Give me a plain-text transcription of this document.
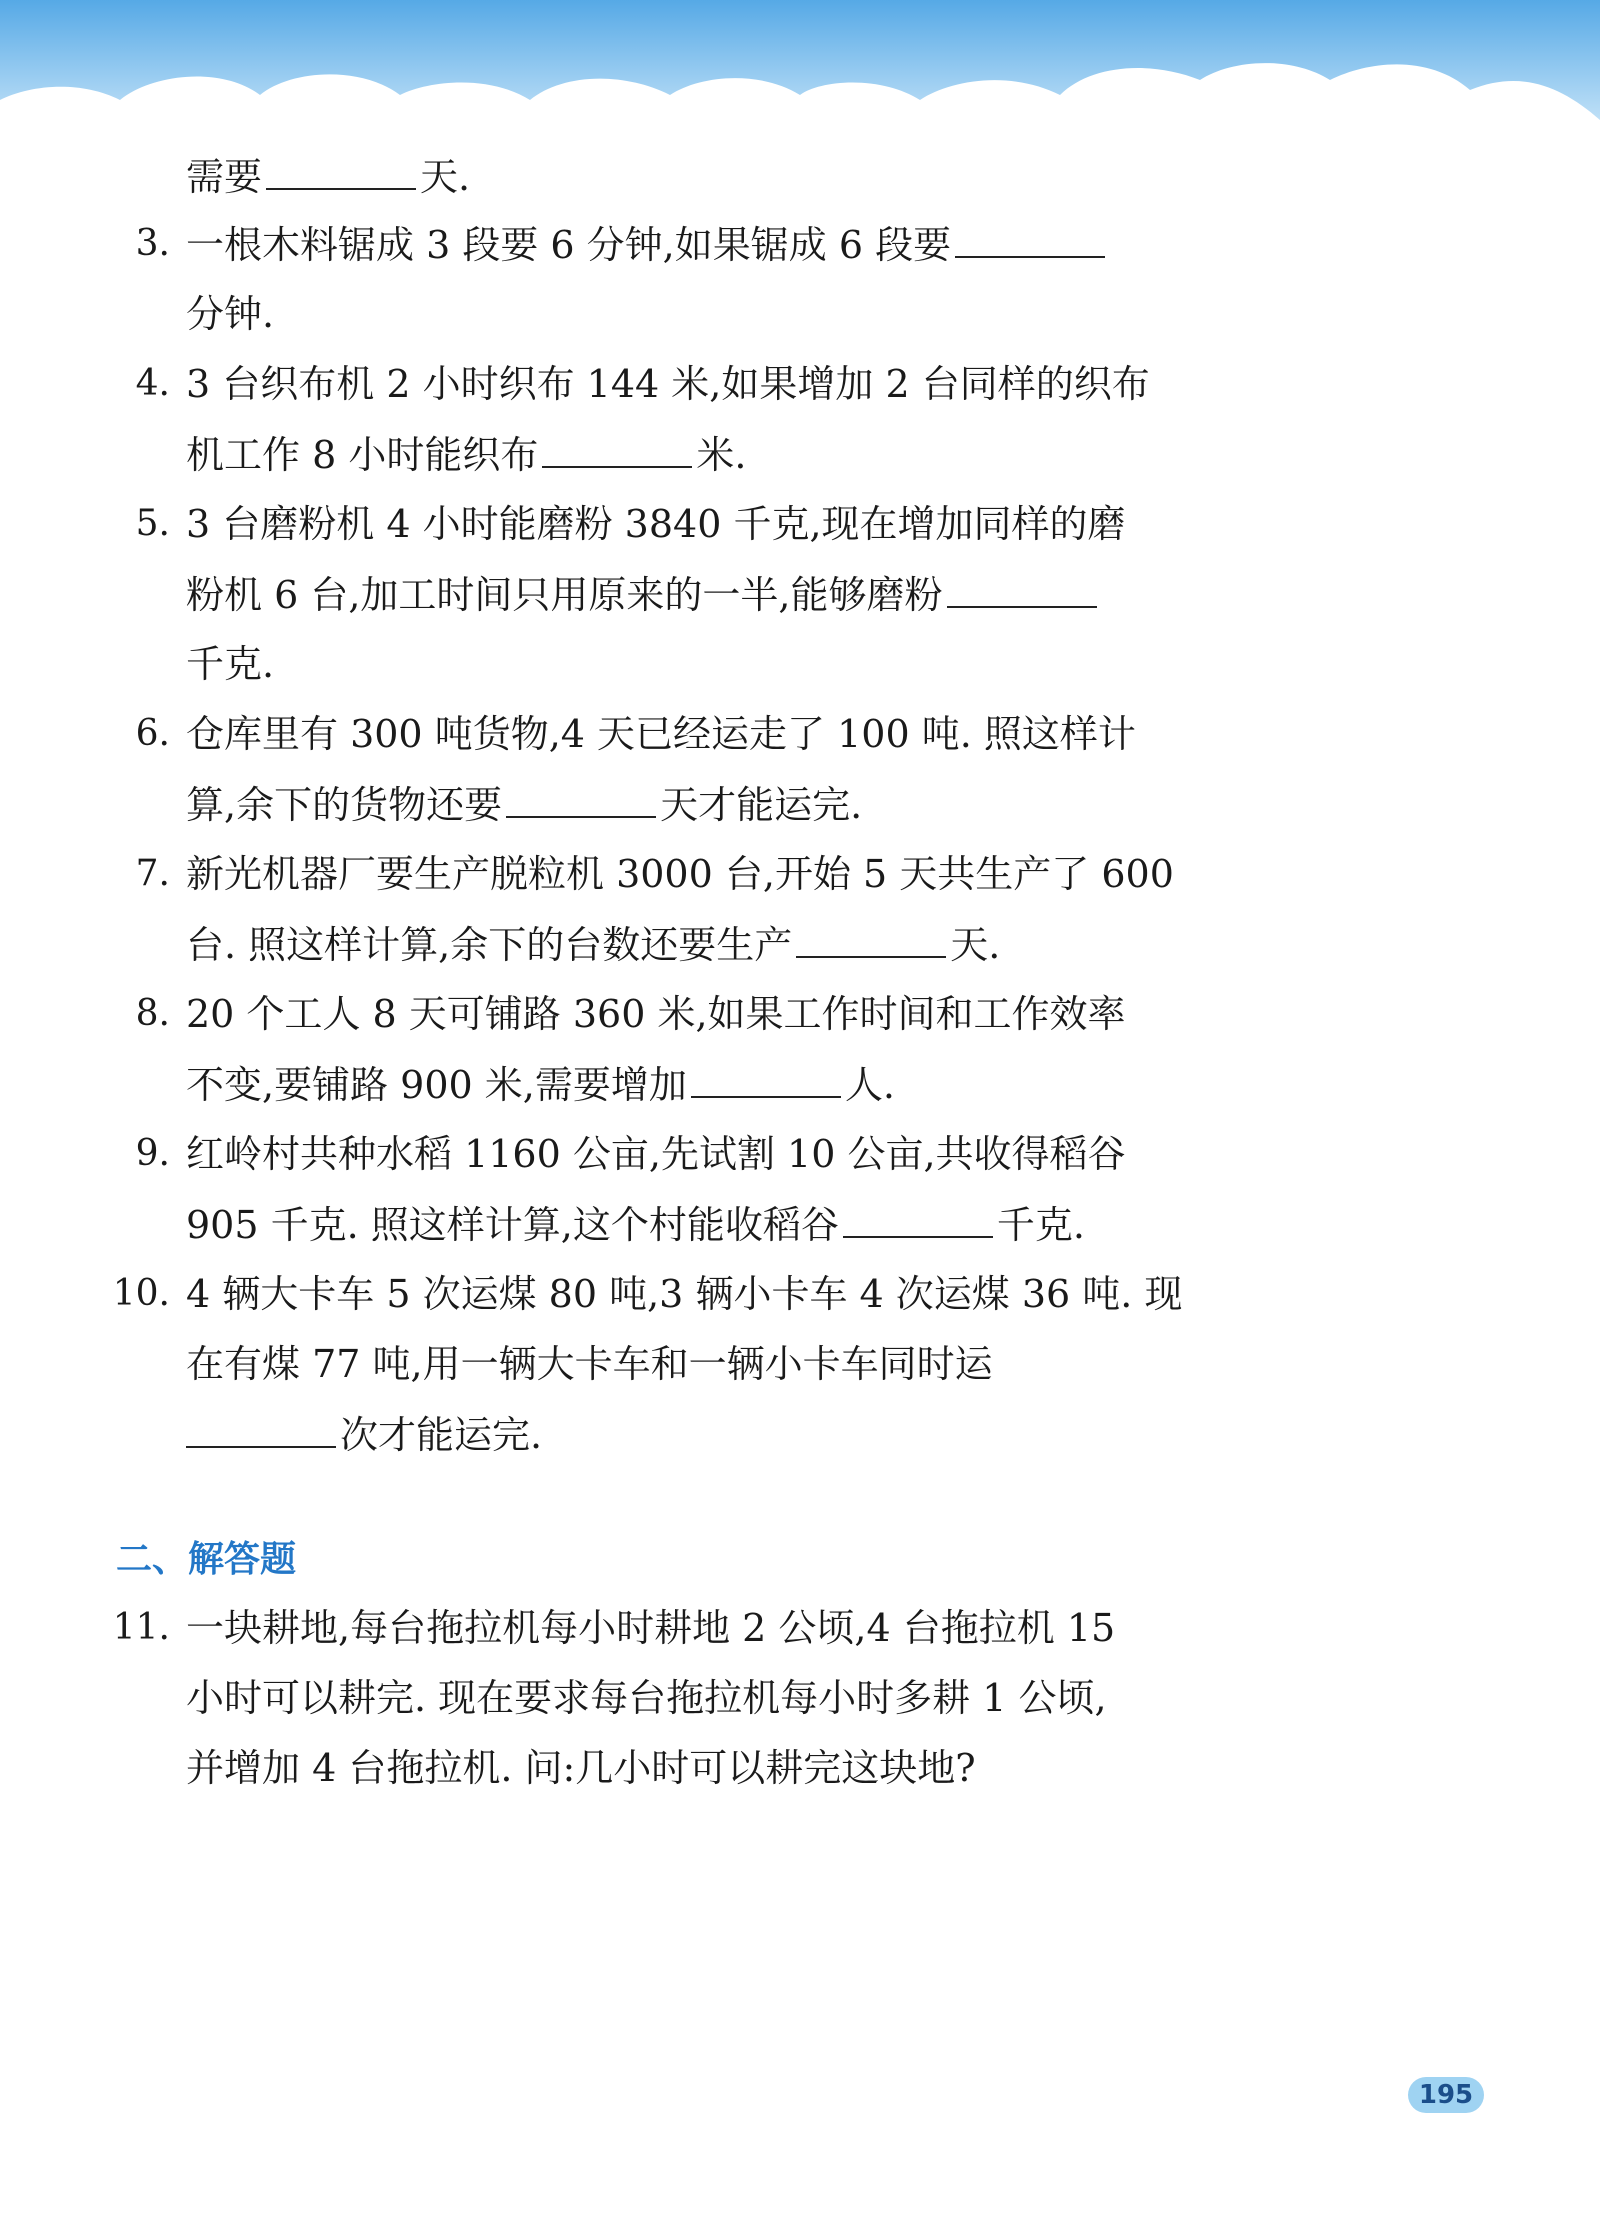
需要	天.
3. 一根木料锯成 3 段要 6 分钟,如果锯成 6 段要
分钟.
4. 3 台织布机 2 小时织布 144 米,如果增加 2 台同样的织布
机工作 8 小时能织布	米.
5. 3 台磨粉机 4 小时能磨粉 3840 千克,现在增加同样的磨
粉机 6 台,加工时间只用原来的一半,能够磨粉
千克.
6. 仓库里有 300 吨货物,4 天已经运走了 100 吨. 照这样计
算,余下的货物还要	天才能运完.
7. 新光机器厂要生产脱粒机 3000 台,开始 5 天共生产了 600
台. 照这样计算,余下的台数还要生产	天.
8. 20 个工人 8 天可铺路 360 米,如果工作时间和工作效率
不变,要铺路 900 米,需要增加	人.
9. 红岭村共种水稻 1160 公亩,先试割 10 公亩,共收得稻谷
905 千克. 照这样计算,这个村能收稻谷	千克.
10. 4 辆大卡车 5 次运煤 80 吨,3 辆小卡车 4 次运煤 36 吨. 现
在有煤 77 吨,用一辆大卡车和一辆小卡车同时运
次才能运完.
二、解答题
11. 一块耕地,每台拖拉机每小时耕地 2 公顷,4 台拖拉机 15
小时可以耕完. 现在要求每台拖拉机每小时多耕 1 公顷,
并增加 4 台拖拉机. 问:几小时可以耕完这块地?
195
